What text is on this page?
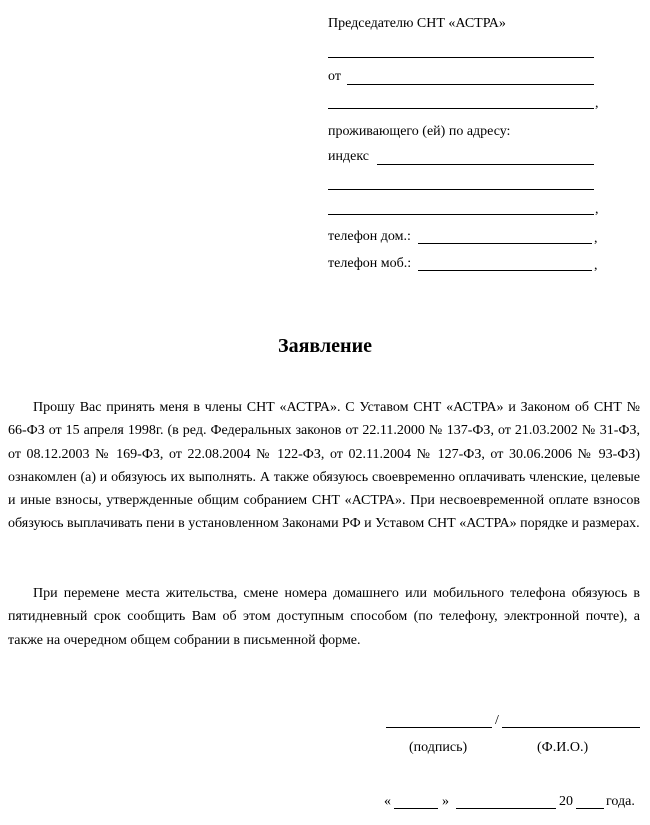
Председателю СНТ «АСТРА»
от
,
проживающего (ей) по адресу:
индекс
,
телефон дом.:	,
телефон моб.:	,
Заявление
Прошу Вас принять меня в члены СНТ «АСТРА». С Уставом СНТ «АСТРА» и Законом об СНТ № 66-ФЗ от 15 апреля 1998г. (в ред. Федеральных законов от 22.11.2000 № 137-ФЗ, от 21.03.2002 № 31-ФЗ, от 08.12.2003 № 169-ФЗ, от 22.08.2004 № 122-ФЗ, от 02.11.2004 № 127-ФЗ, от 30.06.2006 № 93-ФЗ) ознакомлен (а) и обязуюсь их выполнять. А также обязуюсь своевременно оплачивать членские, целевые и иные взносы, утвержденные общим собранием СНТ «АСТРА». При несвоевременной оплате взносов обязуюсь выплачивать пени в установленном Законами РФ и Уставом СНТ «АСТРА» порядке и размерах.
При перемене места жительства, смене номера домашнего или мобильного телефона обязуюсь в пятидневный срок сообщить Вам об этом доступным способом (по телефону, электронной почте), а также на очередном общем собрании в письменной форме.
/
(подпись)	(Ф.И.О.)
«	»	20 года.
